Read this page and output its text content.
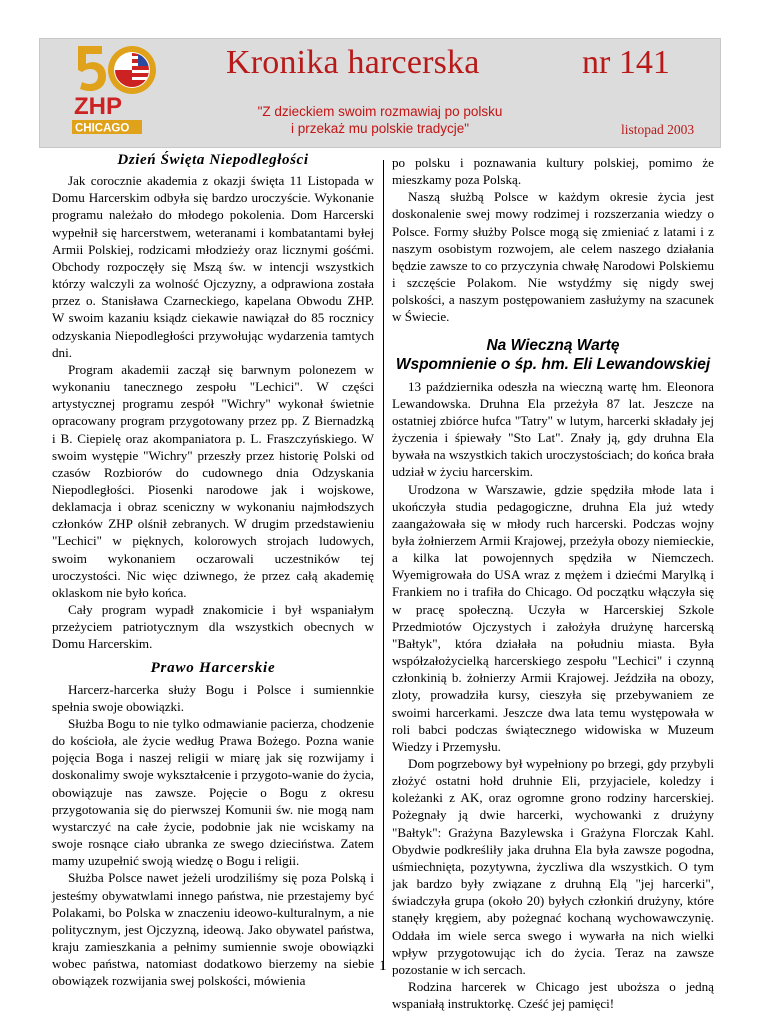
ZHP
CHICAGO
Kronika harcerska	nr 141
"Z dzieckiem swoim rozmawiaj po polsku
i przekaż mu polskie tradycje"	listopad 2003
Dzień Święta Niepodległości

Jak corocznie akademia z okazji święta 11 Listopada w Domu Harcerskim odbyła się bardzo uroczyście. Wykonanie programu należało do młodego pokolenia. Dom Harcerski wypełnił się harcerstwem, weteranami i kombatantami byłej Armii Polskiej, rodzicami młodzieży oraz licznymi gośćmi. Obchody rozpoczęły się Mszą św. w intencji wszystkich którzy walczyli za wolność Ojczyzny, a odprawiona została przez o. Stanisława Czarneckiego, kapelana Obwodu ZHP. W swoim kazaniu ksiądz ciekawie nawiązał do 85 rocznicy odzyskania Niepodległości przywołując wydarzenia tamtych dni.

Program akademii zaczął się barwnym polonezem w wykonaniu tanecznego zespołu "Lechici". W części artystycznej programu zespół "Wichry" wykonał świetnie opracowany program przygotowany przez pp. Z Biernadzką i B. Ciepielę oraz akompaniatora p. L. Fraszczyńskiego. W swoim występie "Wichry" przeszły przez historię Polski od czasów Rozbiorów do cudownego dnia Odzyskania Niepodległości. Piosenki narodowe jak i wojskowe, deklamacja i obraz sceniczny w wykonaniu najmłodszych członków ZHP olśnił zebranych. W drugim przedstawieniu "Lechici" w pięknych, kolorowych strojach ludowych, swoim wykonaniem oczarowali uczestników tej uroczystości. Nic więc dziwnego, że przez całą akademię oklaskom nie było końca.

Cały program wypadł znakomicie i był wspaniałym przeżyciem patriotycznym dla wszystkich obecnych w Domu Harcerskim.

Prawo Harcerskie

Harcerz-harcerka służy Bogu i Polsce i sumiennkie spełnia swoje obowiązki.

Służba Bogu to nie tylko odmawianie pacierza, chodzenie do kościoła, ale życie według Prawa Bożego. Pozna wanie pojęcia Boga i naszej religii w miarę jak się rozwijamy i doskonalimy swoje wykształcenie i przygoto-wanie do życia, obowiązuje nas zawsze. Pojęcie o Bogu z okresu przygotowania się do pierwszej Komunii św. nie mogą nam wystarczyć na całe życie, podobnie jak nie wciskamy na swoje rosnące ciało ubranka ze swego dzieciństwa. Zatem mamy uzupełnić swoją wiedzę o Bogu i religii.

Służba Polsce nawet jeżeli urodziliśmy się poza Polską i jesteśmy obywatwlami innego państwa, nie przestajemy być Polakami, bo Polska w znaczeniu ideowo-kulturalnym, a nie politycznym, jest Ojczyzną, ideową. Jako obywatel państwa, kraju zamieszkania a pełnimy sumiennie swoje obowiązki wobec państwa, natomiast dodatkowo bierzemy na siebie obowiązek rozwijania swej polskości, mówienia

po polsku i poznawania kultury polskiej, pomimo że mieszkamy poza Polską.

Naszą służbą Polsce w każdym okresie życia jest doskonalenie swej mowy rodzimej i rozszerzania wiedzy o Polsce. Formy służby Polsce mogą się zmieniać z latami i z naszym osobistym rozwojem, ale celem naszego działania będzie zawsze to co przyczynia chwałę Narodowi Polskiemu i szczęście Polakom. Nie wstydźmy się nigdy swej polskości, a naszym postępowaniem zasłużymy na szacunek w Świecie.

Na Wieczną Wartę
Wspomnienie o śp. hm. Eli Lewandowskiej

13 października odeszła na wieczną wartę hm. Eleonora Lewandowska. Druhna Ela przeżyła 87 lat. Jeszcze na ostatniej zbiórce hufca "Tatry" w lutym, harcerki składały jej życzenia i śpiewały "Sto Lat". Znały ją, gdy druhna Ela bywała na wszystkich takich uroczystościach; do końca brała udział w życiu harcerskim.

Urodzona w Warszawie, gdzie spędziła młode lata i ukończyła studia pedagogiczne, druhna Ela już wtedy zaangażowała się w młody ruch harcerski. Podczas wojny była żołnierzem Armii Krajowej, przeżyła obozy niemieckie, a kilka lat powojennych spędziła w Niemczech. Wyemigrowała do USA wraz z mężem i dziećmi Marylką i Frankiem no i trafiła do Chicago. Od początku włączyła się w pracę społeczną. Uczyła w Harcerskiej Szkole Przedmiotów Ojczystych i założyła drużynę harcerską "Bałtyk", która działała na południu miasta. Była współzałożycielką harcerskiego zespołu "Lechici" i czynną członkinią b. żołnierzy Armii Krajowej. Jeździła na obozy, zloty, prowadziła kursy, cieszyła się przebywaniem ze swoimi harcerkami. Jeszcze dwa lata temu występowała w roli babci podczas świątecznego widowiska w Muzeum Wiedzy i Przemysłu.

Dom pogrzebowy był wypełniony po brzegi, gdy przybyli złożyć ostatni hołd druhnie Eli, przyjaciele, koledzy i koleżanki z AK, oraz ogromne grono rodziny harcerskiej. Pożegnały ją dwie harcerki, wychowanki z drużyny "Bałtyk": Grażyna Bazylewska i Grażyna Florczak Kahl. Obydwie podkreśliły jaka druhna Ela była zawsze pogodna, uśmiechnięta, pozytywna, życzliwa dla wszystkich. O tym jak bardzo były związane z druhną Elą "jej harcerki", świadczyła grupa (około 20) byłych członkiń drużyny, które stanęły kręgiem, aby pożegnać kochaną wychowawczynię. Oddała im wiele serca swego i wywarła na nich wielki wpływ przygotowując ich do życia. Teraz na zawsze pozostanie w ich sercach.

Rodzina harcerek w Chicago jest uboższa o jedną wspaniałą instruktorkę. Cześć jej pamięci!

1
